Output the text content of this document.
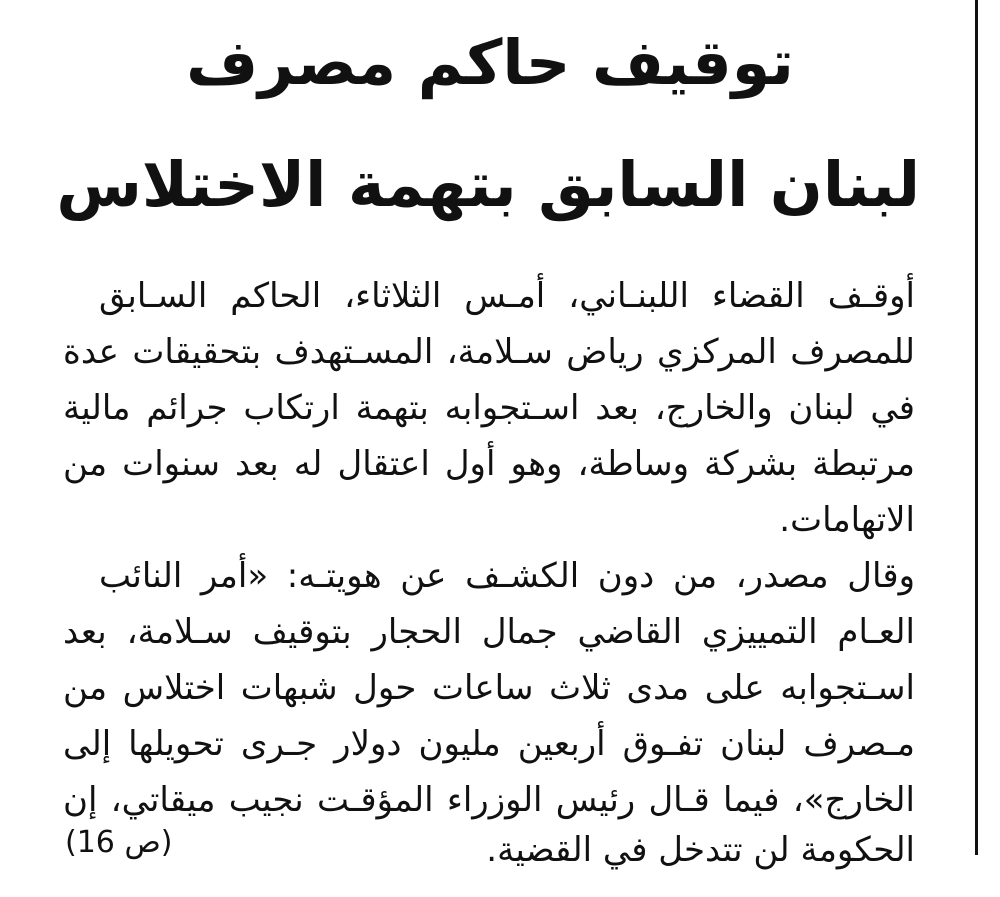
توقيف حاكم مصرف
لبنان السابق بتهمة الاختلاس
أوقـف القضاء اللبنـاني، أمـس الثلاثاء، الحاكم السـابق
للمصرف المركزي رياض سـلامة، المسـتهدف بتحقيقات عدة
في لبنان والخارج، بعد اسـتجوابه بتهمة ارتكاب جرائم مالية
مرتبطة بشركة وساطة، وهو أول اعتقال له بعد سنوات من
الاتهامات.
وقال مصدر، من دون الكشـف عن هويتـه: «أمر النائب
العـام التمييزي القاضي جمال الحجار بتوقيف سـلامة، بعد
اسـتجوابه على مدى ثلاث ساعات حول شبهات اختلاس من
مـصرف لبنان تفـوق أربعين مليون دولار جـرى تحويلها إلى
الخارج»، فيما قـال رئيس الوزراء المؤقـت نجيب ميقاتي، إن
الحكومة لن تتدخل في القضية.
(ص 16)
